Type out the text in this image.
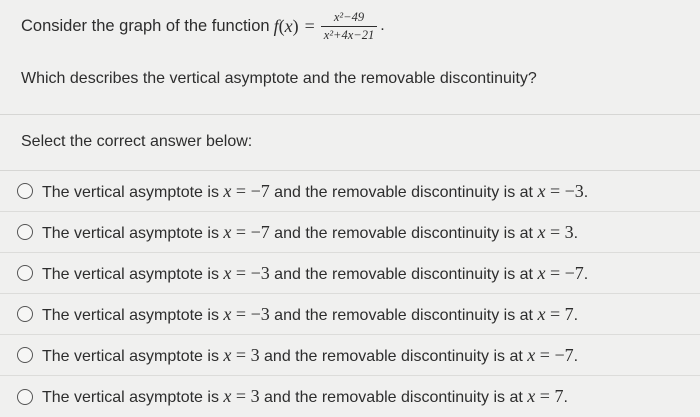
Consider the graph of the function $f(x) = \frac{\text{x²−49}}{\text{x²+4x−21}}$ .
Which describes the vertical asymptote and the removable discontinuity?
Select the correct answer below:
The vertical asymptote is x = −7 and the removable discontinuity is at x = −3.
The vertical asymptote is x = −7 and the removable discontinuity is at x = 3.
The vertical asymptote is x = −3 and the removable discontinuity is at x = −7.
The vertical asymptote is x = −3 and the removable discontinuity is at x = 7.
The vertical asymptote is x = 3 and the removable discontinuity is at x = −7.
The vertical asymptote is x = 3 and the removable discontinuity is at x = 7.
